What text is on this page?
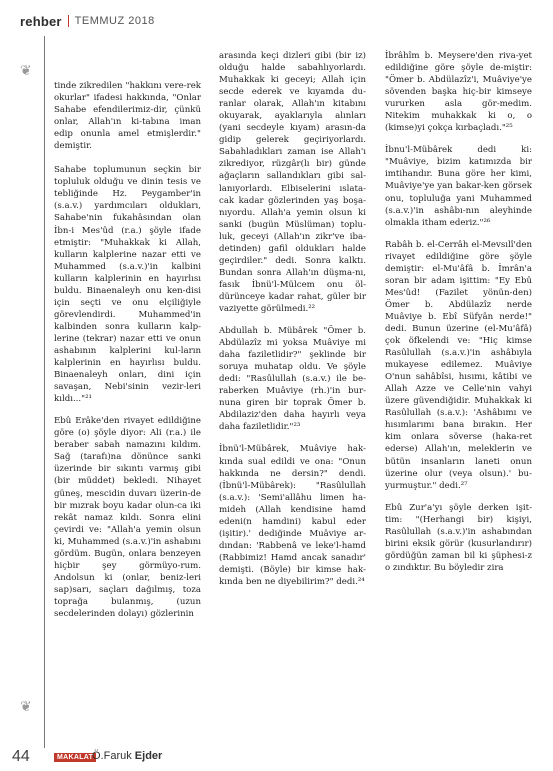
rehber TEMMUZ 2018
❦
❦

tinde zikredilen "hakkını vere-rek okurlar" ifadesi hakkında, "Onlar Sahabe efendilerimiz-dir, çünkü onlar, Allah'ın ki-tabına iman edip onunla amel etmişlerdir." demiştir.

Sahabe toplumunun seçkin bir topluluk olduğu ve dinin tesis ve tebliğinde Hz. Peygamber'in (s.a.v.) yardımcıları oldukları, Sahabe'nin fukahâsından olan İbn-i Mes'ûd (r.a.) şöyle ifade etmiştir: "Muhakkak ki Allah, kulların kalplerine nazar etti ve Muhammed (s.a.v.)'in kalbini kulların kalplerinin en hayırlısı buldu. Binaenaleyh onu ken-disi için seçti ve onu elçiliğiyle görevlendirdi. Muhammed'in kalbinden sonra kulların kalp-lerine (tekrar) nazar etti ve onun ashabının kalplerini kul-ların kalplerinin en hayırlısı buldu. Binaenaleyh onları, dini için savaşan, Nebi'sinin vezir-leri kıldı..."²¹

Ebû Erâke'den rivayet edildiğine göre (o) şöyle diyor: Ali (r.a.) ile beraber sabah namazını kıldım. Sağ (tarafı)na dönünce sanki üzerinde bir sıkıntı varmış gibi (bir müddet) bekledi. Nihayet güneş, mescidin duvarı üzerin-de bir mızrak boyu kadar olun-ca iki rekât namaz kıldı. Sonra elini çevirdi ve: "Allah'a yemin olsun ki, Muhammed (s.a.v.)'in ashabını gördüm. Bugün, onlara benzeyen hiçbir şey görmüyo-rum. Andolsun ki (onlar, beniz-leri sap)sarı, saçları dağılmış, toza toprağa bulanmış, (uzun secdelerinden dolayı) gözlerinin

arasında keçi dizleri gibi (bir iz) olduğu halde sabahlıyorlardı. Muhakkak ki geceyi; Allah için secde ederek ve kıyamda du-ranlar olarak, Allah'ın kitabını okuyarak, ayaklarıyla alınları (yani secdeyle kıyam) arasın-da gidip gelerek geçiriyorlardı. Sabahladıkları zaman ise Allah'ı zikrediyor, rüzgâr(lı bir) günde ağaçların sallandıkları gibi sal-lanıyorlardı. Elbiselerini ıslata-cak kadar gözlerinden yaş boşa-nıyordu. Allah'a yemin olsun ki sanki (bugün Müslüman) toplu-luk, geceyi (Allah'ın zikr've iba-detinden) gafil oldukları halde geçirdiler." dedi. Sonra kalktı. Bundan sonra Allah'ın düşma-nı, fasık İbnü'l-Mülcem onu öl-dürünceye kadar rahat, güler bir vaziyette görülmedi.²²

Abdullah b. Mübârek "Ömer b. Abdülazîz mi yoksa Muâviye mi daha faziletlidir?" şeklinde bir soruya muhatap oldu. Ve şöyle dedi: "Rasûlullah (s.a.v.) ile be-raberken Muâviye (rh.)'in bur-nuna giren bir toprak Ömer b. Abdilaziz'den daha hayırlı veya daha faziletlidir."²³

İbnü'l-Mübârek, Muâviye hak-kında sual edildi ve ona: "Onun hakkında ne dersin?" dendi. (İbnü'l-Mübârek): "Rasûlullah (s.a.v.): 'Semi'allâhu limen ha-mideh (Allah kendisine hamd edeni(n hamdini) kabul eder (işitir).' dediğinde Muâviye ar-dından: 'Rabbenâ ve leke'l-hamd (Rabbimiz! Hamd ancak sanadır' demişti. (Böyle) bir kimse hak-kında ben ne diyebilirim?" dedi.²⁴

İbrâhîm b. Meysere'den riva-yet edildiğine göre şöyle de-miştir: "Ömer b. Abdülazîz'i, Muâviye'ye sövenden başka hiç-bir kimseye vururken asla gör-medim. Nitekim muhakkak ki o, o (kimse)yi çokça kırbaçladı."²⁵

İbnu'l-Mübârek dedi ki: "Muâviye, bizim katımızda bir imtihandır. Buna göre her kimi, Muâviye'ye yan bakar-ken görsek onu, topluluğa yani Muhammed (s.a.v.)'in ashâbı-nın aleyhinde olmakla itham ederiz."²⁶

Rabâh b. el-Cerrâh el-Mevsılî'den rivayet edildiğine göre şöyle demiştir: el-Mu'âfâ b. İmrân'a soran bir adam işittim: "Ey Ebû Mes'ûd! (Fazilet yönün-den) Ömer b. Abdülazîz nerde Muâviye b. Ebî Süfyân nerde!" dedi. Bunun üzerine (el-Mu'âfâ) çok öfkelendi ve: "Hiç kimse Rasûlullah (s.a.v.)'in ashâbıyla mukayese edilemez. Muâviye O'nun sahâbîsi, hısımı, kâtibi ve Allah Azze ve Celle'nin vahyi üzere güvendiğidir. Muhakkak ki Rasûlullah (s.a.v.): 'Ashâbımı ve hısımlarımı bana bırakın. Her kim onlara söverse (haka-ret ederse) Allah'ın, meleklerin ve bütün insanların laneti onun üzerine olur (veya olsun).' bu-yurmuştur." dedi.²⁷

Ebû Zur'a'yı şöyle derken işit-tim: "(Herhangi bir) kişiyi, Rasûlullah (s.a.v.)'in ashabından birini eksik görür (kusurlandırır) gördüğün zaman bil ki şüphesi-z o zındıktır. Bu böyledir zira

44	MAKALAT
Ö.Faruk Ejder
